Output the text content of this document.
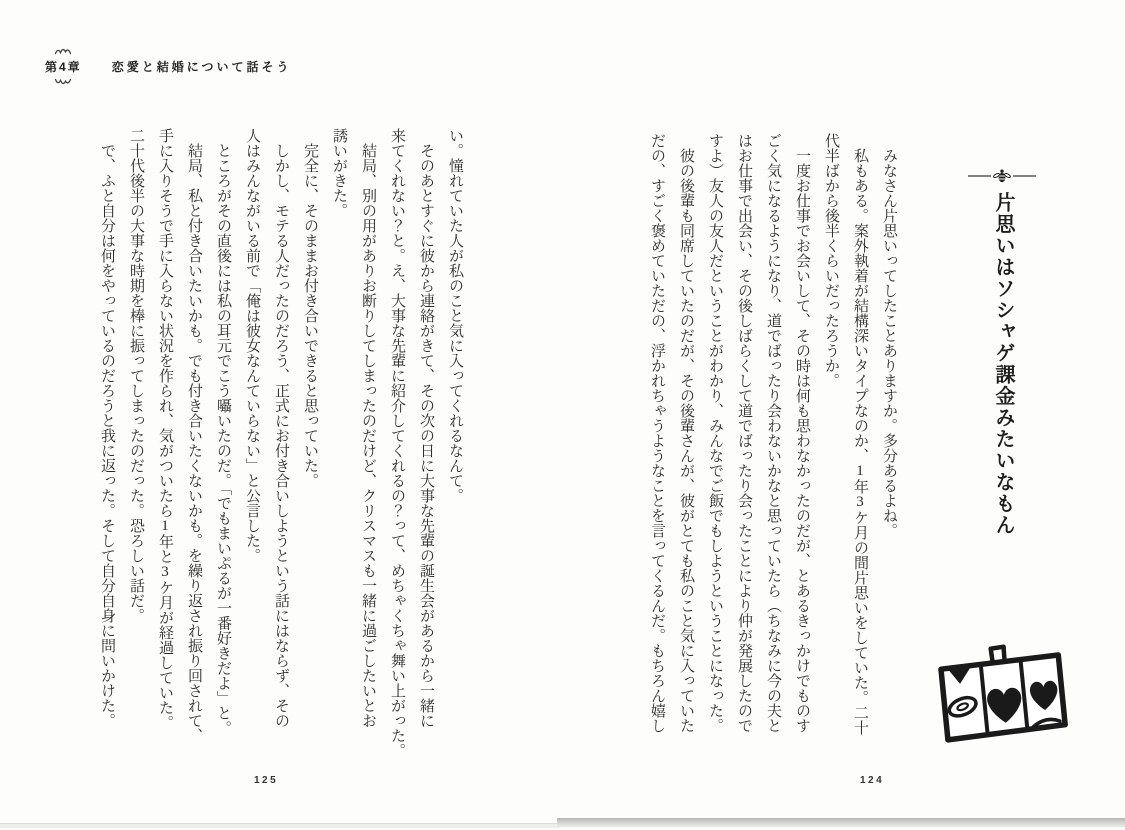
第4章	恋愛と結婚について話そう
片思いはソシャゲ課金みたいなもん
みなさん片思いってしたことありますか。多分あるよね。
私もある。案外執着が結構深いタイプなのか、1年3ケ月の間片思いをしていた。二十
代半ばから後半くらいだったろうか。
一度お仕事でお会いして、その時は何も思わなかったのだが、とあるきっかけでものす
ごく気になるようになり、道でばったり会わないかなと思っていたら（ちなみに今の夫と
はお仕事で出会い、その後しばらくして道でばったり会ったことにより仲が発展したので
すよ）友人の友人だということがわかり、みんなでご飯でもしようということになった。
彼の後輩も同席していたのだが、その後輩さんが、彼がとても私のこと気に入っていた
だの、すごく褒めていただの、浮かれちゃうようなことを言ってくるんだ。もちろん嬉し
い。憧れていた人が私のこと気に入ってくれるなんて。
そのあとすぐに彼から連絡がきて、その次の日に大事な先輩の誕生会があるから一緒に
来てくれない？と。え、大事な先輩に紹介してくれるの？って、めちゃくちゃ舞い上がった。
結局、別の用がありお断りしてしまったのだけど、クリスマスも一緒に過ごしたいとお
誘いがきた。
完全に、そのままお付き合いできると思っていた。
しかし、モテる人だったのだろう、正式にお付き合いしようという話にはならず、その
人はみんながいる前で「俺は彼女なんていらない」と公言した。
ところがその直後には私の耳元でこう囁いたのだ。「でもまいぷるが一番好きだよ」と。
結局、私と付き合いたいかも。でも付き合いたくないかも。を繰り返され振り回されて、
手に入りそうで手に入らない状況を作られ、気がついたら1年と3ケ月が経過していた。
二十代後半の大事な時期を棒に振ってしまったのだった。恐ろしい話だ。
で、ふと自分は何をやっているのだろうと我に返った。そして自分自身に問いかけた。
125	124
